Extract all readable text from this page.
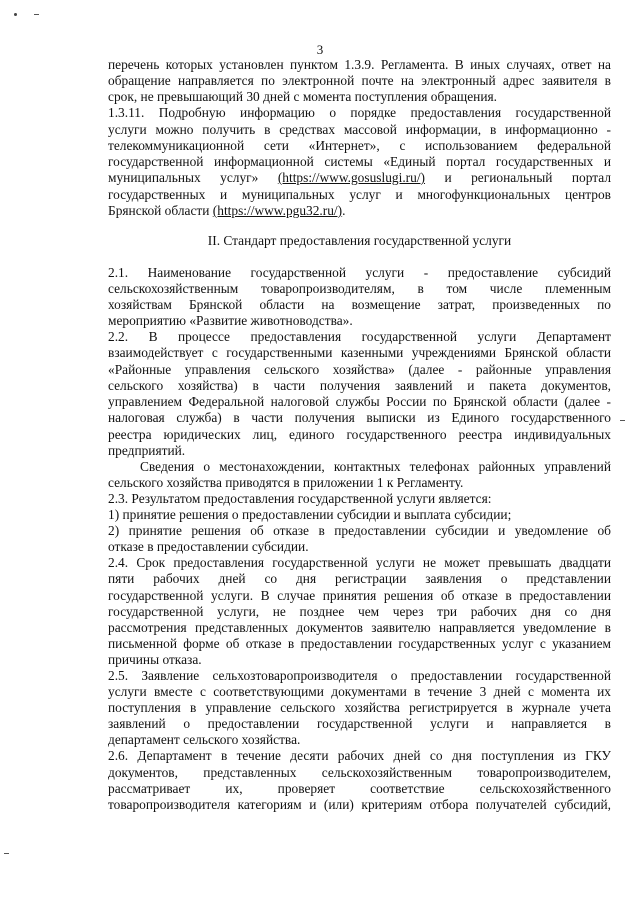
3
перечень которых установлен пунктом 1.3.9. Регламента. В иных случаях, ответ на
обращение направляется по электронной почте на электронный адрес заявителя в
срок, не превышающий 30 дней с момента поступления обращения.
1.3.11. Подробную информацию о порядке предоставления государственной
услуги можно получить в средствах массовой информации, в информационно -
телекоммуникационной сети «Интернет», с использованием федеральной
государственной информационной системы «Единый портал государственных и
муниципальных услуг» (https://www.gosuslugi.ru/) и региональный портал
государственных и муниципальных услуг и многофункциональных центров
Брянской области (https://www.pgu32.ru/).
II. Стандарт предоставления государственной услуги
2.1. Наименование государственной услуги - предоставление субсидий
сельскохозяйственным товаропроизводителям, в том числе племенным
хозяйствам Брянской области на возмещение затрат, произведенных по
мероприятию «Развитие животноводства».
2.2. В процессе предоставления государственной услуги Департамент
взаимодействует с государственными казенными учреждениями Брянской области
«Районные управления сельского хозяйства» (далее - районные управления
сельского хозяйства) в части получения заявлений и пакета документов,
управлением Федеральной налоговой службы России по Брянской области (далее -
налоговая служба) в части получения выписки из Единого государственного
реестра юридических лиц, единого государственного реестра индивидуальных
предприятий.
Сведения о местонахождении, контактных телефонах районных управлений
сельского хозяйства приводятся в приложении 1 к Регламенту.
2.3. Результатом предоставления государственной услуги является:
1) принятие решения о предоставлении субсидии и выплата субсидии;
2) принятие решения об отказе в предоставлении субсидии и уведомление об
отказе в предоставлении субсидии.
2.4. Срок предоставления государственной услуги не может превышать двадцати
пяти рабочих дней со дня регистрации заявления о представлении
государственной услуги. В случае принятия решения об отказе в предоставлении
государственной услуги, не позднее чем через три рабочих дня со дня
рассмотрения представленных документов заявителю направляется уведомление в
письменной форме об отказе в предоставлении государственных услуг с указанием
причины отказа.
2.5. Заявление сельхозтоваропроизводителя о предоставлении государственной
услуги вместе с соответствующими документами в течение 3 дней с момента их
поступления в управление сельского хозяйства регистрируется в журнале учета
заявлений о предоставлении государственной услуги и направляется в
департамент сельского хозяйства.
2.6. Департамент в течение десяти рабочих дней со дня поступления из ГКУ
документов, представленных сельскохозяйственным товаропроизводителем,
рассматривает их, проверяет соответствие сельскохозяйственного
товаропроизводителя категориям и (или) критериям отбора получателей субсидий,
